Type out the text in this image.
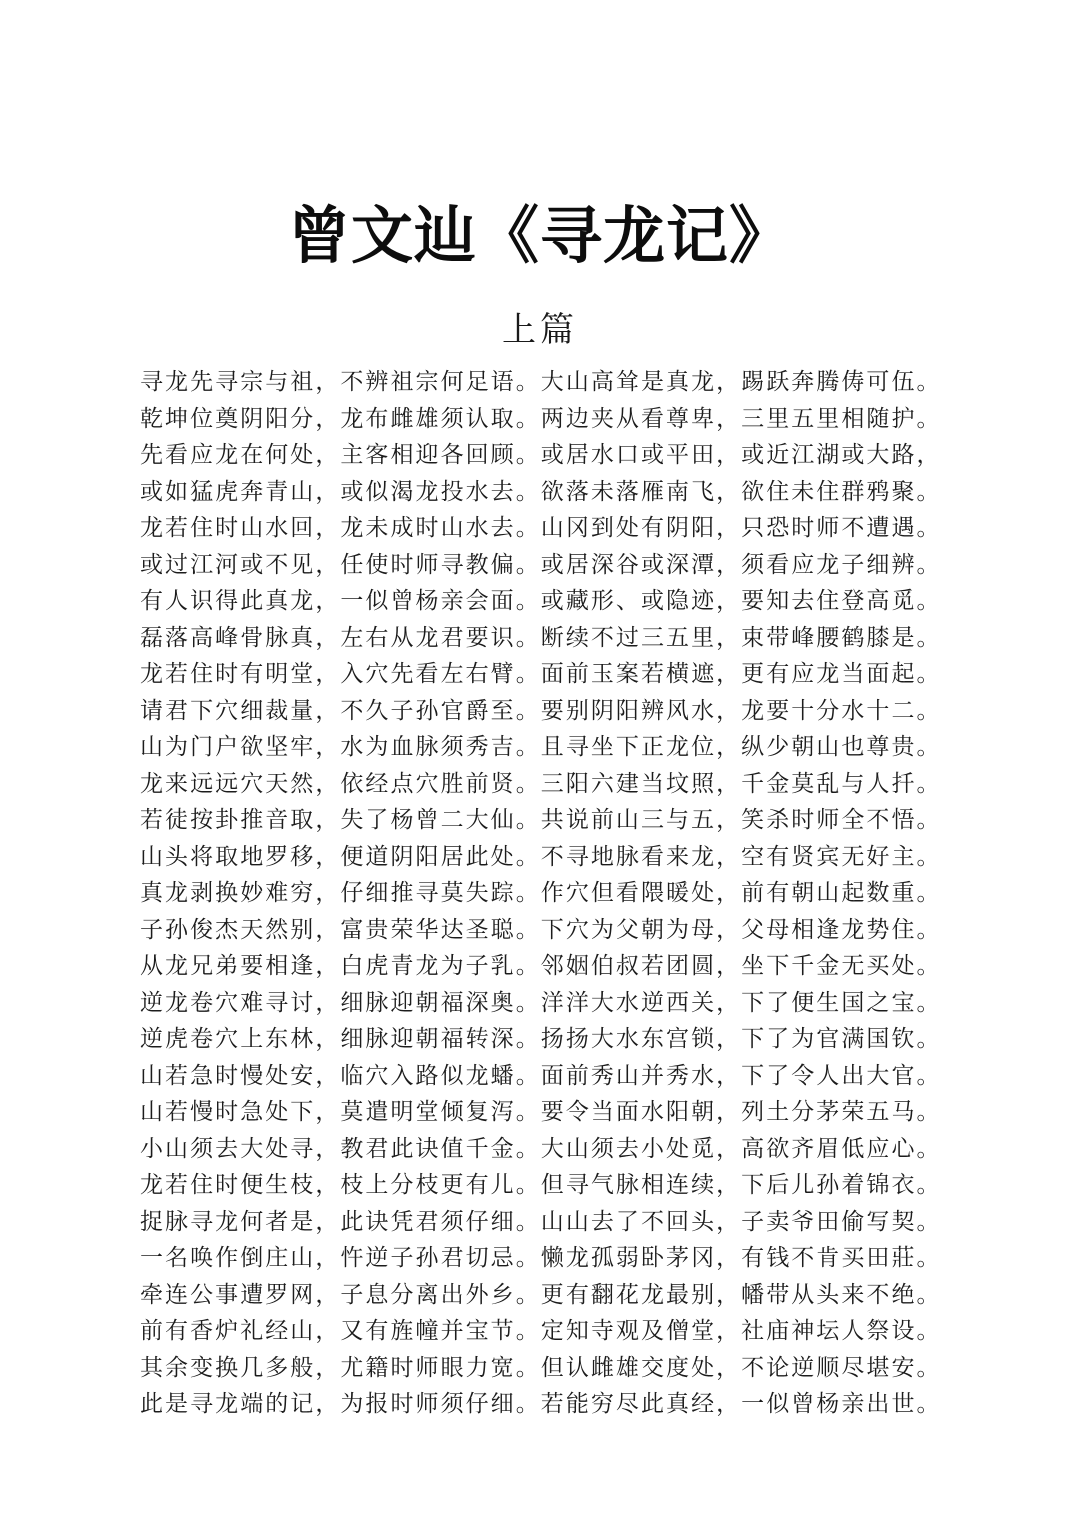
曾文辿《寻龙记》
上篇
寻龙先寻宗与祖，不辨祖宗何足语。大山高耸是真龙，踢跃奔腾俦可伍。
乾坤位奠阴阳分，龙布雌雄须认取。两边夹从看尊卑，三里五里相随护。
先看应龙在何处，主客相迎各回顾。或居水口或平田，或近江湖或大路，
或如猛虎奔青山，或似渴龙投水去。欲落未落雁南飞，欲住未住群鸦聚。
龙若住时山水回，龙未成时山水去。山冈到处有阴阳，只恐时师不遭遇。
或过江河或不见，任使时师寻教偏。或居深谷或深潭，须看应龙子细辨。
有人识得此真龙，一似曾杨亲会面。或藏形、或隐迹，要知去住登高觅。
磊落高峰骨脉真，左右从龙君要识。断续不过三五里，束带峰腰鹤膝是。
龙若住时有明堂，入穴先看左右臂。面前玉案若横遮，更有应龙当面起。
请君下穴细裁量，不久子孙官爵至。要别阴阳辨风水，龙要十分水十二。
山为门户欲坚牢，水为血脉须秀吉。且寻坐下正龙位，纵少朝山也尊贵。
龙来远远穴天然，依经点穴胜前贤。三阳六建当坟照，千金莫乱与人扦。
若徒按卦推音取，失了杨曾二大仙。共说前山三与五，笑杀时师全不悟。
山头将取地罗移，便道阴阳居此处。不寻地脉看来龙，空有贤宾无好主。
真龙剥换妙难穷，仔细推寻莫失踪。作穴但看隈暖处，前有朝山起数重。
子孙俊杰天然别，富贵荣华达圣聪。下穴为父朝为母，父母相逢龙势住。
从龙兄弟要相逢，白虎青龙为子乳。邻姻伯叔若团圆，坐下千金无买处。
逆龙卷穴难寻讨，细脉迎朝福深奥。洋洋大水逆西关，下了便生国之宝。
逆虎卷穴上东林，细脉迎朝福转深。扬扬大水东宫锁，下了为官满国钦。
山若急时慢处安，临穴入路似龙蟠。面前秀山并秀水，下了令人出大官。
山若慢时急处下，莫遣明堂倾复泻。要令当面水阳朝，列土分茅荣五马。
小山须去大处寻，教君此诀值千金。大山须去小处觅，高欲齐眉低应心。
龙若住时便生枝，枝上分枝更有儿。但寻气脉相连续，下后儿孙着锦衣。
捉脉寻龙何者是，此诀凭君须仔细。山山去了不回头，子卖爷田偷写契。
一名唤作倒庄山，忤逆子孙君切忌。懒龙孤弱卧茅冈，有钱不肯买田莊。
牵连公事遭罗网，子息分离出外乡。更有翻花龙最别，幡带从头来不绝。
前有香炉礼经山，又有旌幢并宝节。定知寺观及僧堂，社庙神坛人祭设。
其余变换几多般，尤籍时师眼力宽。但认雌雄交度处，不论逆顺尽堪安。
此是寻龙端的记，为报时师须仔细。若能穷尽此真经，一似曾杨亲出世。
